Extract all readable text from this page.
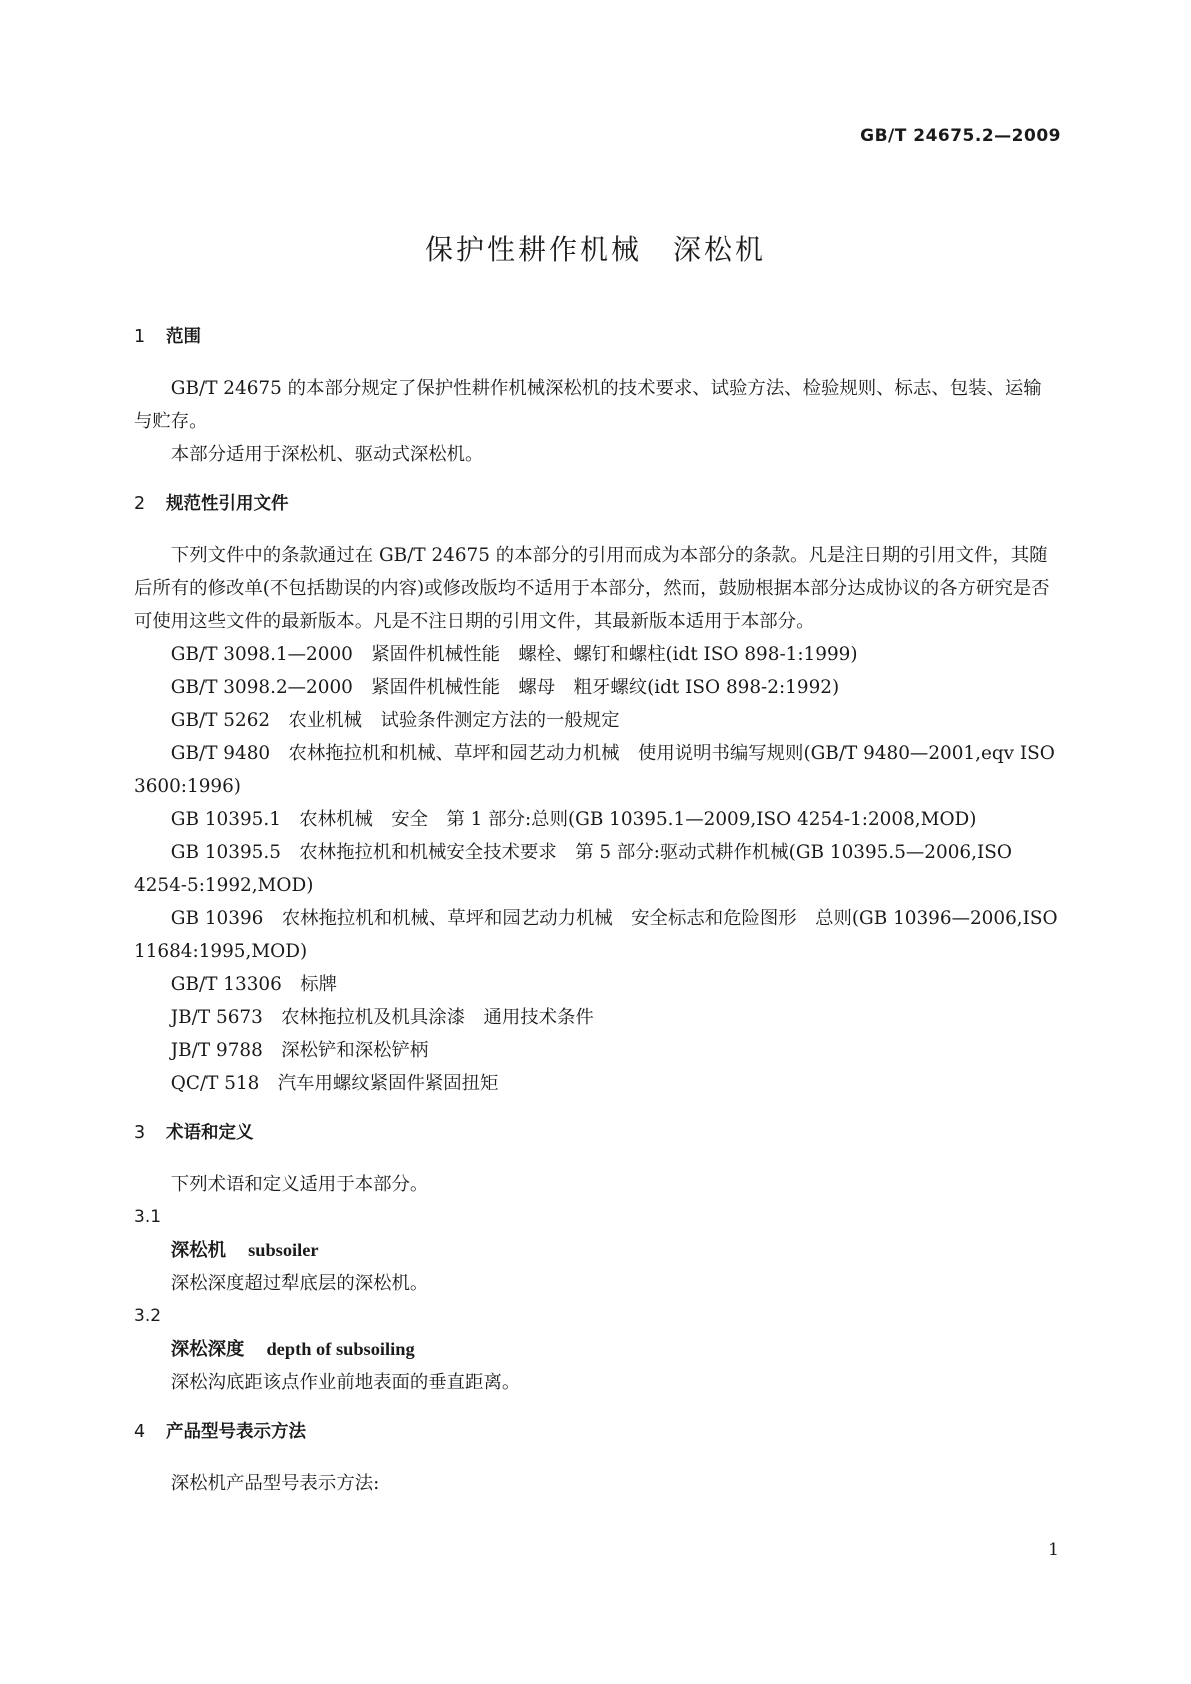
GB/T 24675.2—2009
保护性耕作机械　深松机
1 范围

GB/T 24675 的本部分规定了保护性耕作机械深松机的技术要求、试验方法、检验规则、标志、包装、运输与贮存。

本部分适用于深松机、驱动式深松机。

2 规范性引用文件

下列文件中的条款通过在 GB/T 24675 的本部分的引用而成为本部分的条款。凡是注日期的引用文件，其随后所有的修改单(不包括勘误的内容)或修改版均不适用于本部分，然而，鼓励根据本部分达成协议的各方研究是否可使用这些文件的最新版本。凡是不注日期的引用文件，其最新版本适用于本部分。

GB/T 3098.1—2000　紧固件机械性能　螺栓、螺钉和螺柱(idt ISO 898-1:1999)

GB/T 3098.2—2000　紧固件机械性能　螺母　粗牙螺纹(idt ISO 898-2:1992)

GB/T 5262　农业机械　试验条件测定方法的一般规定

GB/T 9480　农林拖拉机和机械、草坪和园艺动力机械　使用说明书编写规则(GB/T 9480—2001,eqv ISO 3600:1996)

GB 10395.1　农林机械　安全　第 1 部分:总则(GB 10395.1—2009,ISO 4254-1:2008,MOD)

GB 10395.5　农林拖拉机和机械安全技术要求　第 5 部分:驱动式耕作机械(GB 10395.5—2006,ISO 4254-5:1992,MOD)

GB 10396　农林拖拉机和机械、草坪和园艺动力机械　安全标志和危险图形　总则(GB 10396—2006,ISO 11684:1995,MOD)

GB/T 13306　标牌

JB/T 5673　农林拖拉机及机具涂漆　通用技术条件

JB/T 9788　深松铲和深松铲柄

QC/T 518　汽车用螺纹紧固件紧固扭矩

3 术语和定义

下列术语和定义适用于本部分。

3.1

深松机 subsoiler

深松深度超过犁底层的深松机。

3.2

深松深度 depth of subsoiling

深松沟底距该点作业前地表面的垂直距离。

4 产品型号表示方法

深松机产品型号表示方法:

1
